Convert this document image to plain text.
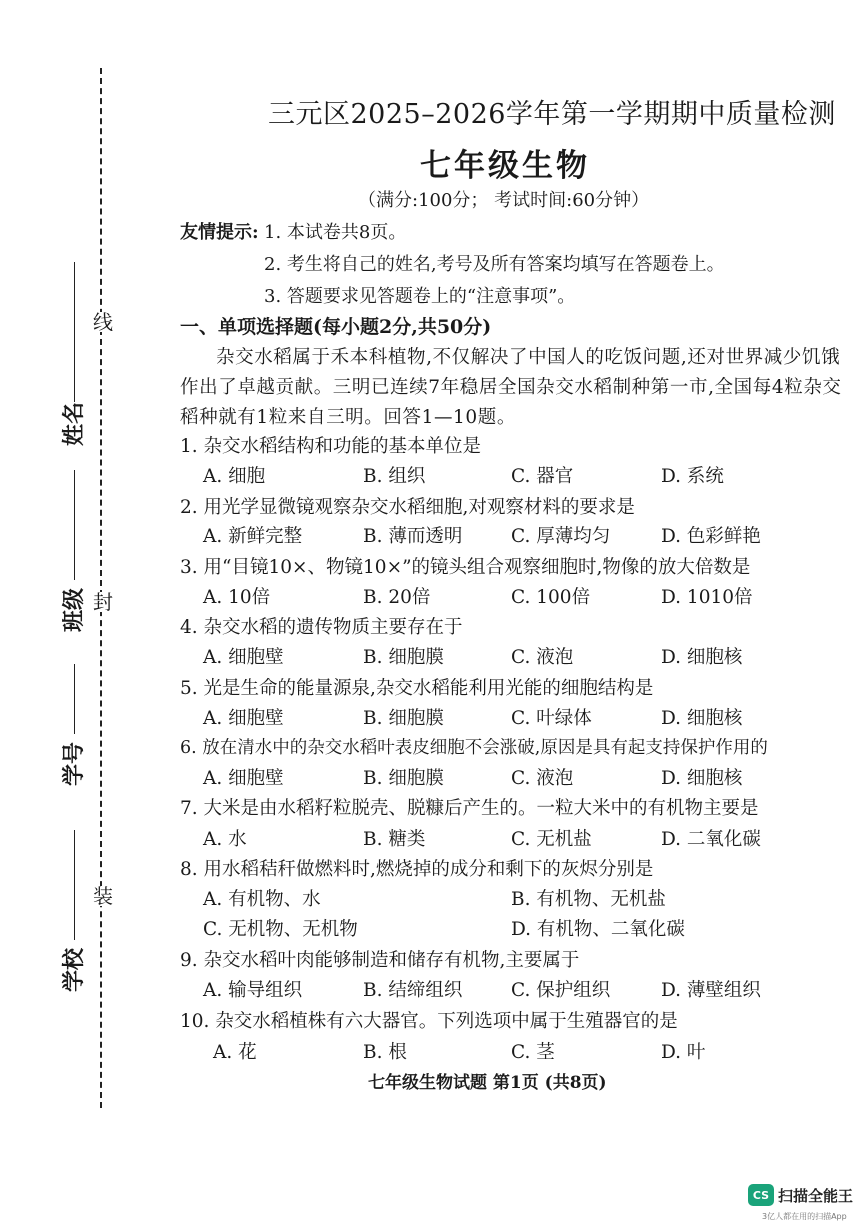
线
封
装
姓名
班级
学号
学校
三元区2025–2026学年第一学期期中质量检测
七年级生物
（满分:100分； 考试时间:60分钟）
友情提示: 1. 本试卷共8页。
2. 考生将自己的姓名,考号及所有答案均填写在答题卷上。
3. 答题要求见答题卷上的“注意事项”。
一、单项选择题(每小题2分,共50分)
杂交水稻属于禾本科植物,不仅解决了中国人的吃饭问题,还对世界减少饥饿
作出了卓越贡献。三明已连续7年稳居全国杂交水稻制种第一市,全国每4粒杂交
稻种就有1粒来自三明。回答1—10题。
1. 杂交水稻结构和功能的基本单位是
A. 细胞	B. 组织	C. 器官	D. 系统
2. 用光学显微镜观察杂交水稻细胞,对观察材料的要求是
A. 新鲜完整	B. 薄而透明	C. 厚薄均匀	D. 色彩鲜艳
3. 用“目镜10×、物镜10×”的镜头组合观察细胞时,物像的放大倍数是
A. 10倍	B. 20倍	C. 100倍	D. 1010倍
4. 杂交水稻的遗传物质主要存在于
A. 细胞壁	B. 细胞膜	C. 液泡	D. 细胞核
5. 光是生命的能量源泉,杂交水稻能利用光能的细胞结构是
A. 细胞壁	B. 细胞膜	C. 叶绿体	D. 细胞核
6. 放在清水中的杂交水稻叶表皮细胞不会涨破,原因是具有起支持保护作用的
A. 细胞壁	B. 细胞膜	C. 液泡	D. 细胞核
7. 大米是由水稻籽粒脱壳、脱糠后产生的。一粒大米中的有机物主要是
A. 水	B. 糖类	C. 无机盐	D. 二氧化碳
8. 用水稻秸秆做燃料时,燃烧掉的成分和剩下的灰烬分别是
A. 有机物、水	B. 有机物、无机盐
C. 无机物、无机物	D. 有机物、二氧化碳
9. 杂交水稻叶肉能够制造和储存有机物,主要属于
A. 输导组织	B. 结缔组织	C. 保护组织	D. 薄壁组织
10. 杂交水稻植株有六大器官。下列选项中属于生殖器官的是
A. 花	B. 根	C. 茎	D. 叶
七年级生物试题 第1页 (共8页)
CS 扫描全能王
3亿人都在用的扫描App
